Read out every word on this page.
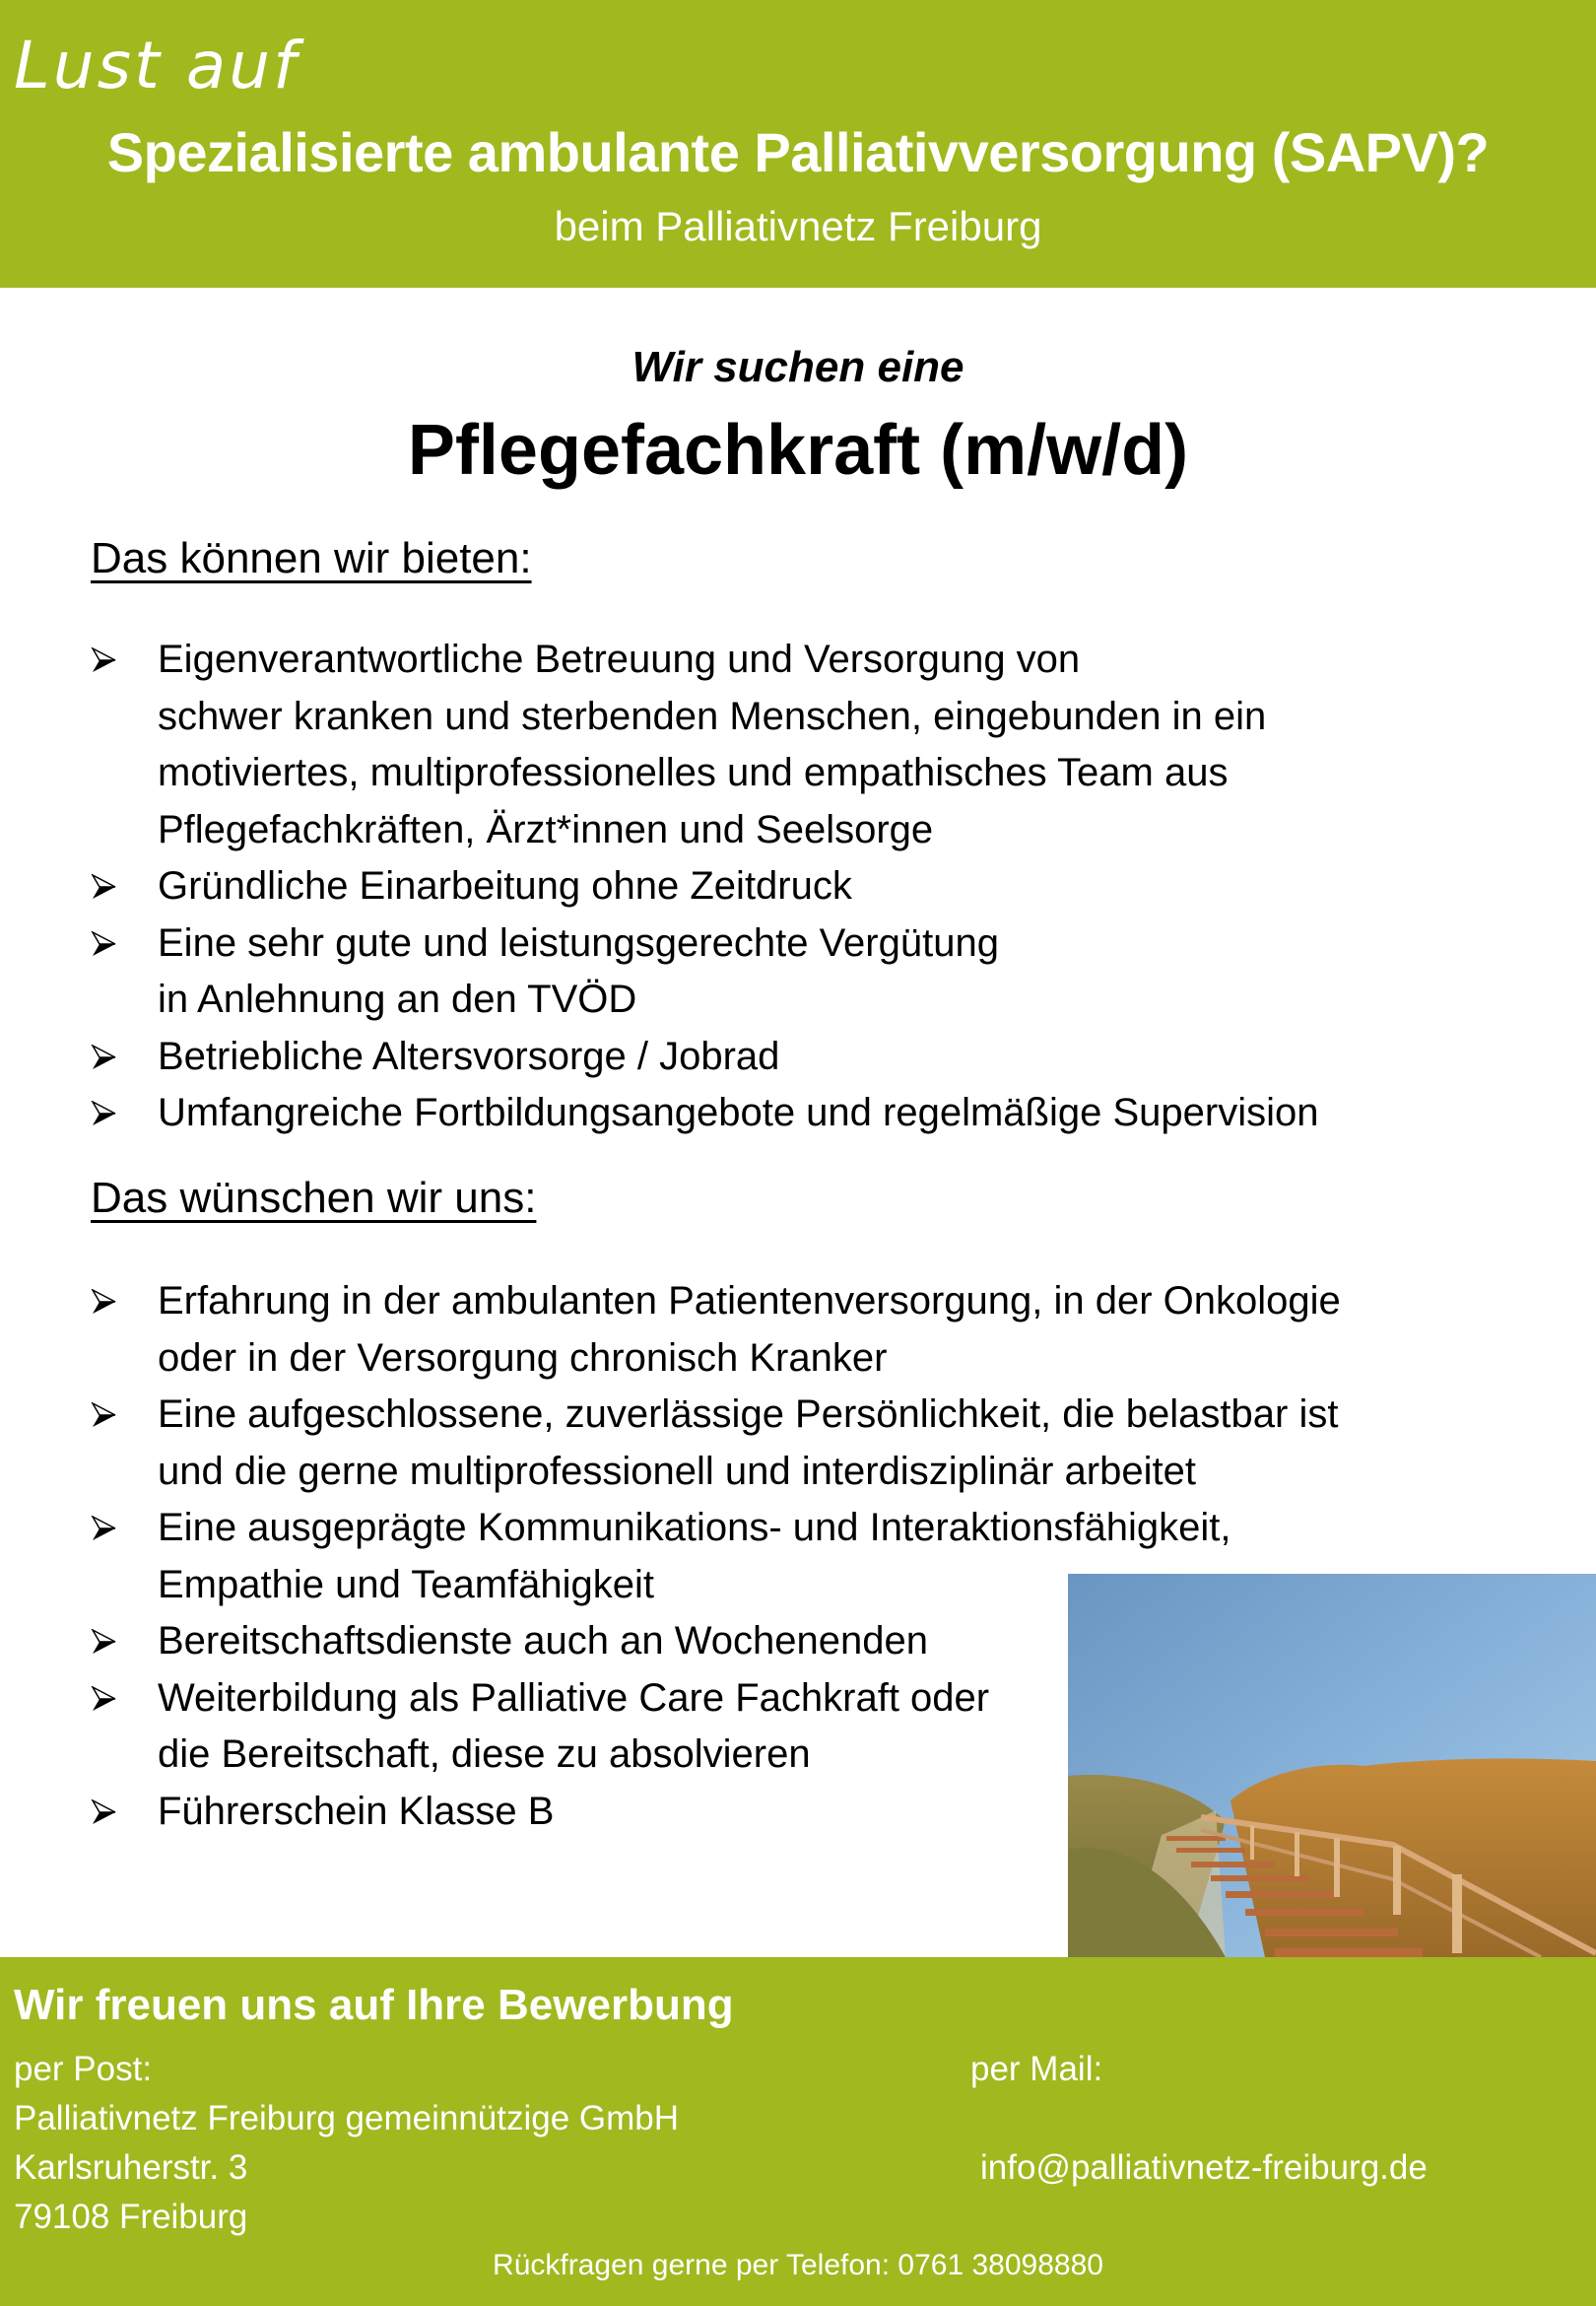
Lust auf
Spezialisierte ambulante Palliativversorgung (SAPV)?
beim Palliativnetz Freiburg
Wir suchen eine
Pflegefachkraft (m/w/d)
Das können wir bieten:
Eigenverantwortliche Betreuung und Versorgung von
schwer kranken und sterbenden Menschen, eingebunden in ein
motiviertes, multiprofessionelles und empathisches Team aus
Pflegefachkräften, Ärzt*innen und Seelsorge
Gründliche Einarbeitung ohne Zeitdruck
Eine sehr gute und leistungsgerechte Vergütung
in Anlehnung an den TVÖD
Betriebliche Altersvorsorge / Jobrad
Umfangreiche Fortbildungsangebote und regelmäßige Supervision
Das wünschen wir uns:
Erfahrung in der ambulanten Patientenversorgung, in der Onkologie
oder in der Versorgung chronisch Kranker
Eine aufgeschlossene, zuverlässige Persönlichkeit, die belastbar ist
und die gerne multiprofessionell und interdisziplinär arbeitet
Eine ausgeprägte Kommunikations- und Interaktionsfähigkeit,
Empathie und Teamfähigkeit
Bereitschaftsdienste auch an Wochenenden
Weiterbildung als Palliative Care Fachkraft oder
die Bereitschaft, diese zu absolvieren
Führerschein Klasse B
Wir freuen uns auf Ihre Bewerbung
per Post:
Palliativnetz Freiburg gemeinnützige GmbH
Karlsruherstr. 3
79108 Freiburg
per Mail:
info@palliativnetz-freiburg.de
Rückfragen gerne per Telefon: 0761 38098880
